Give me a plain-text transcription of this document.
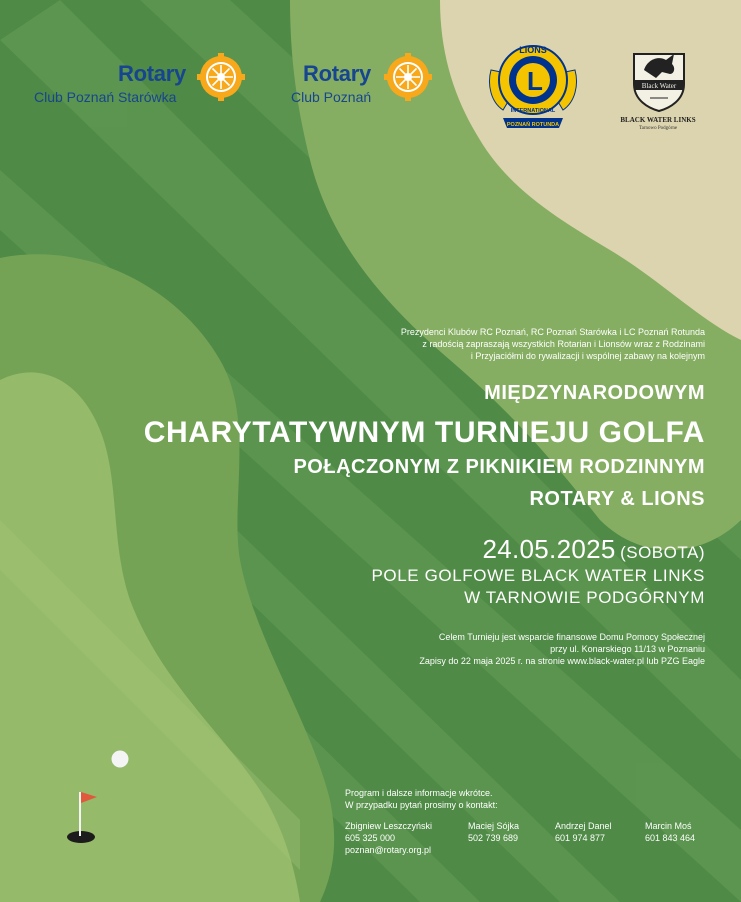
Rotary
Club Poznań Starówka
Rotary
Club Poznań
L
LIONS
INTERNATIONAL
POZNAŃ ROTUNDA
Black Water
BLACK WATER LINKS
Tarnowo Podgórne
Prezydenci Klubów RC Poznań, RC Poznań Starówka i LC Poznań Rotunda
z radością zapraszają wszystkich Rotarian i Lionsów wraz z Rodzinami
i Przyjaciółmi do rywalizacji i wspólnej zabawy na kolejnym
MIĘDZYNARODOWYM
CHARYTATYWNYM TURNIEJU GOLFA
POŁĄCZONYM Z PIKNIKIEM RODZINNYM
ROTARY & LIONS
24.05.2025 (SOBOTA)
POLE GOLFOWE BLACK WATER LINKS
W TARNOWIE PODGÓRNYM
Celem Turnieju jest wsparcie finansowe Domu Pomocy Społecznej
przy ul. Konarskiego 11/13 w Poznaniu
Zapisy do 22 maja 2025 r. na stronie www.black-water.pl lub PZG Eagle
Program i dalsze informacje wkrótce.
W przypadku pytań prosimy o kontakt:
Zbigniew Leszczyński
605 325 000
poznan@rotary.org.pl
Maciej Sójka
502 739 689
Andrzej Danel
601 974 877
Marcin Moś
601 843 464
